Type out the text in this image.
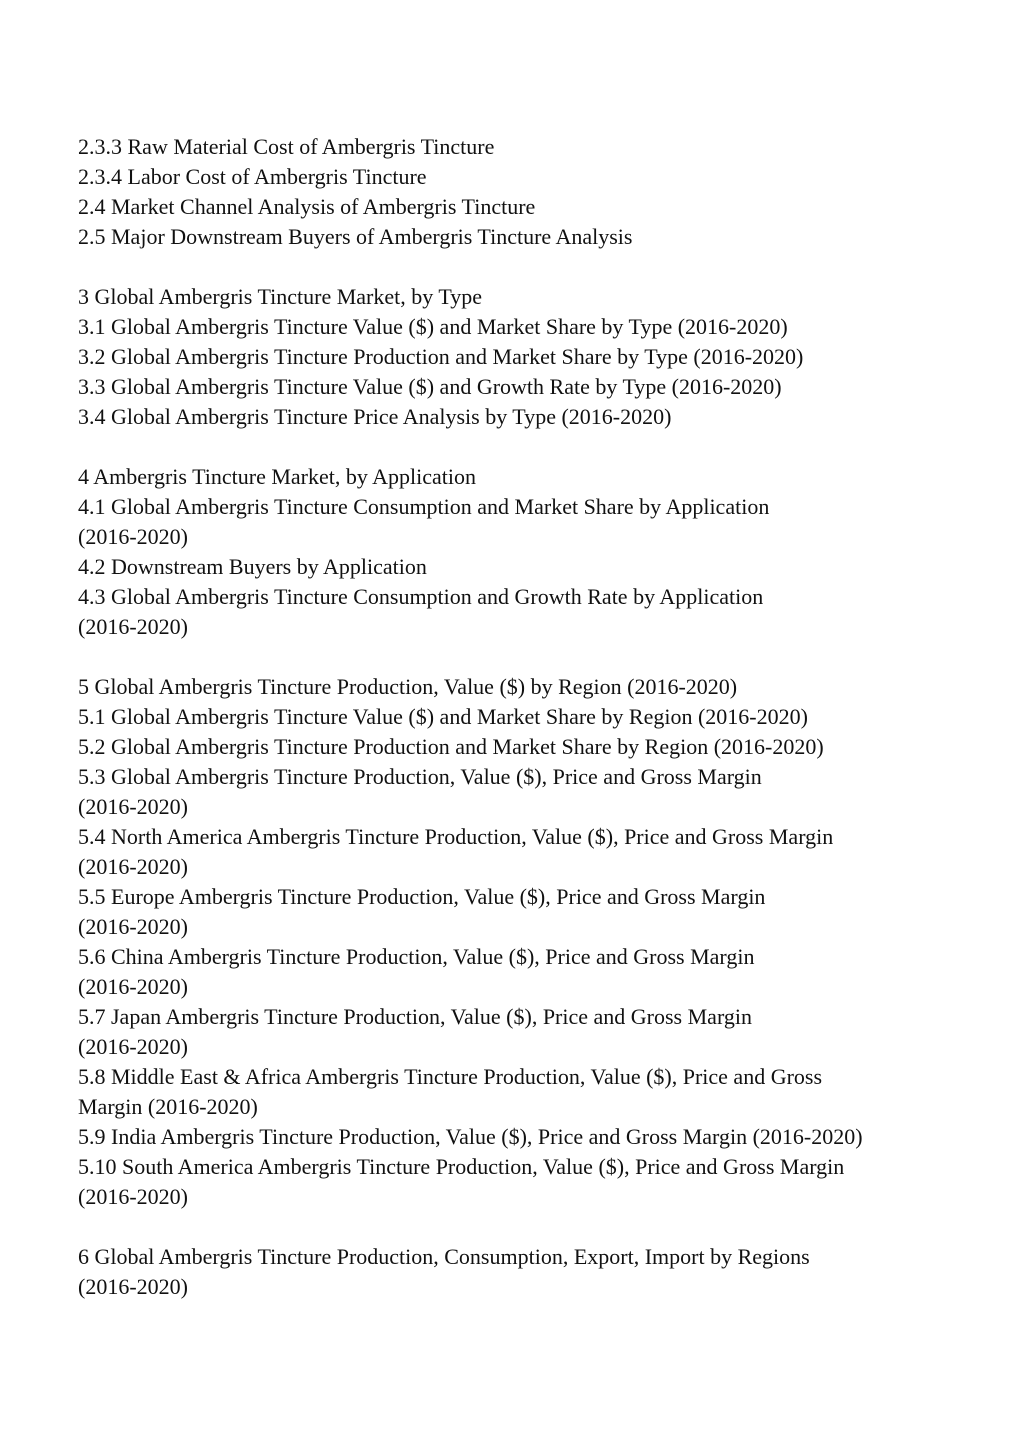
2.3.3 Raw Material Cost of Ambergris Tincture
2.3.4 Labor Cost of Ambergris Tincture
2.4 Market Channel Analysis of Ambergris Tincture
2.5 Major Downstream Buyers of Ambergris Tincture Analysis
3 Global Ambergris Tincture Market, by Type
3.1 Global Ambergris Tincture Value ($) and Market Share by Type (2016-2020)
3.2 Global Ambergris Tincture Production and Market Share by Type (2016-2020)
3.3 Global Ambergris Tincture Value ($) and Growth Rate by Type (2016-2020)
3.4 Global Ambergris Tincture Price Analysis by Type (2016-2020)
4 Ambergris Tincture Market, by Application
4.1 Global Ambergris Tincture Consumption and Market Share by Application
(2016-2020)
4.2 Downstream Buyers by Application
4.3 Global Ambergris Tincture Consumption and Growth Rate by Application
(2016-2020)
5 Global Ambergris Tincture Production, Value ($) by Region (2016-2020)
5.1 Global Ambergris Tincture Value ($) and Market Share by Region (2016-2020)
5.2 Global Ambergris Tincture Production and Market Share by Region (2016-2020)
5.3 Global Ambergris Tincture Production, Value ($), Price and Gross Margin
(2016-2020)
5.4 North America Ambergris Tincture Production, Value ($), Price and Gross Margin
(2016-2020)
5.5 Europe Ambergris Tincture Production, Value ($), Price and Gross Margin
(2016-2020)
5.6 China Ambergris Tincture Production, Value ($), Price and Gross Margin
(2016-2020)
5.7 Japan Ambergris Tincture Production, Value ($), Price and Gross Margin
(2016-2020)
5.8 Middle East & Africa Ambergris Tincture Production, Value ($), Price and Gross
Margin (2016-2020)
5.9 India Ambergris Tincture Production, Value ($), Price and Gross Margin (2016-2020)
5.10 South America Ambergris Tincture Production, Value ($), Price and Gross Margin
(2016-2020)
6 Global Ambergris Tincture Production, Consumption, Export, Import by Regions
(2016-2020)
